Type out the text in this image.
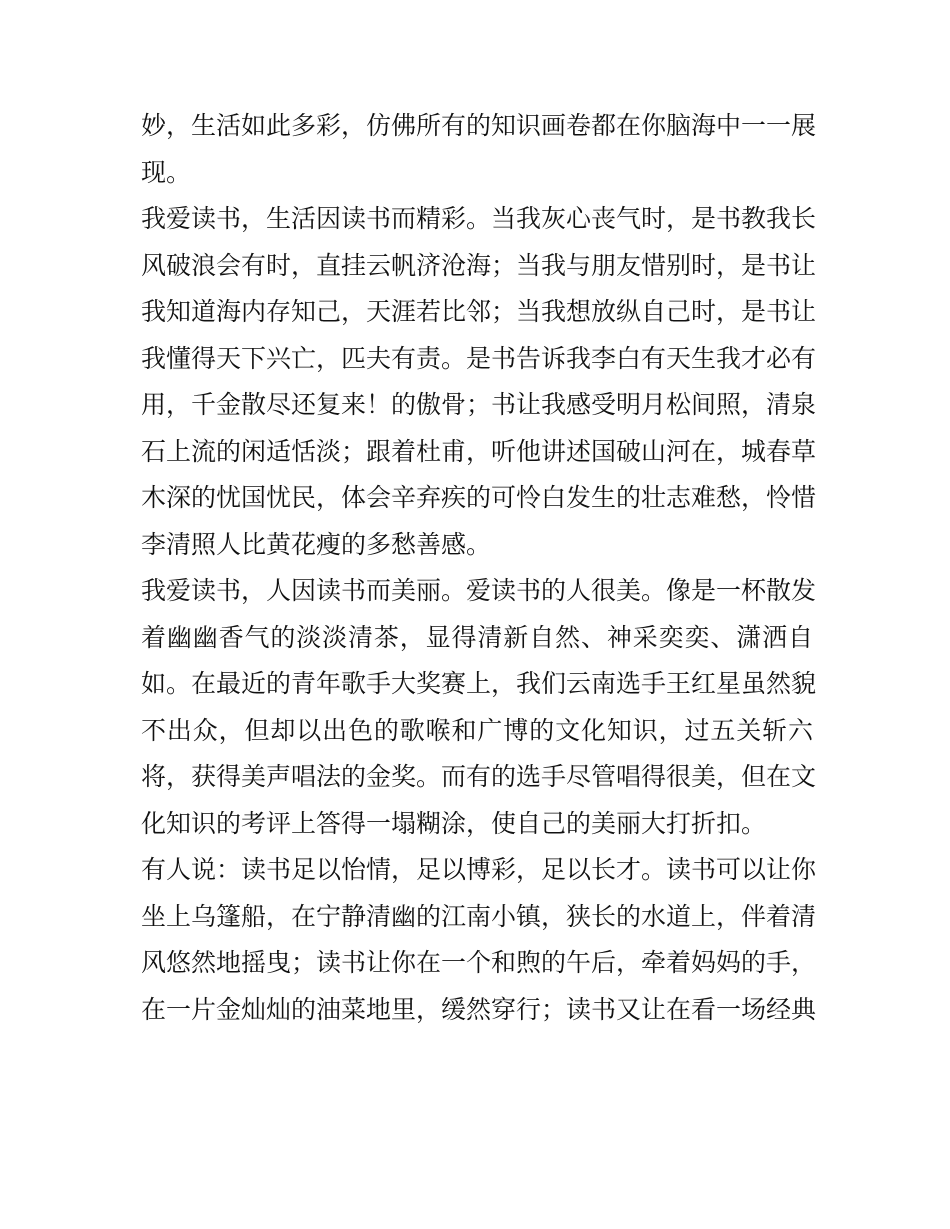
妙，生活如此多彩，仿佛所有的知识画卷都在你脑海中一一展
现。
我爱读书，生活因读书而精彩。当我灰心丧气时，是书教我长
风破浪会有时，直挂云帆济沧海；当我与朋友惜别时，是书让
我知道海内存知己，天涯若比邻；当我想放纵自己时，是书让
我懂得天下兴亡，匹夫有责。是书告诉我李白有天生我才必有
用，千金散尽还复来！的傲骨；书让我感受明月松间照，清泉
石上流的闲适恬淡；跟着杜甫，听他讲述国破山河在，城春草
木深的忧国忧民，体会辛弃疾的可怜白发生的壮志难愁，怜惜
李清照人比黄花瘦的多愁善感。
我爱读书，人因读书而美丽。爱读书的人很美。像是一杯散发
着幽幽香气的淡淡清茶，显得清新自然、神采奕奕、潇洒自
如。在最近的青年歌手大奖赛上，我们云南选手王红星虽然貌
不出众，但却以出色的歌喉和广博的文化知识，过五关斩六
将，获得美声唱法的金奖。而有的选手尽管唱得很美，但在文
化知识的考评上答得一塌糊涂，使自己的美丽大打折扣。
有人说：读书足以怡情，足以博彩，足以长才。读书可以让你
坐上乌篷船，在宁静清幽的江南小镇，狭长的水道上，伴着清
风悠然地摇曳；读书让你在一个和煦的午后，牵着妈妈的手，
在一片金灿灿的油菜地里，缓然穿行；读书又让在看一场经典
